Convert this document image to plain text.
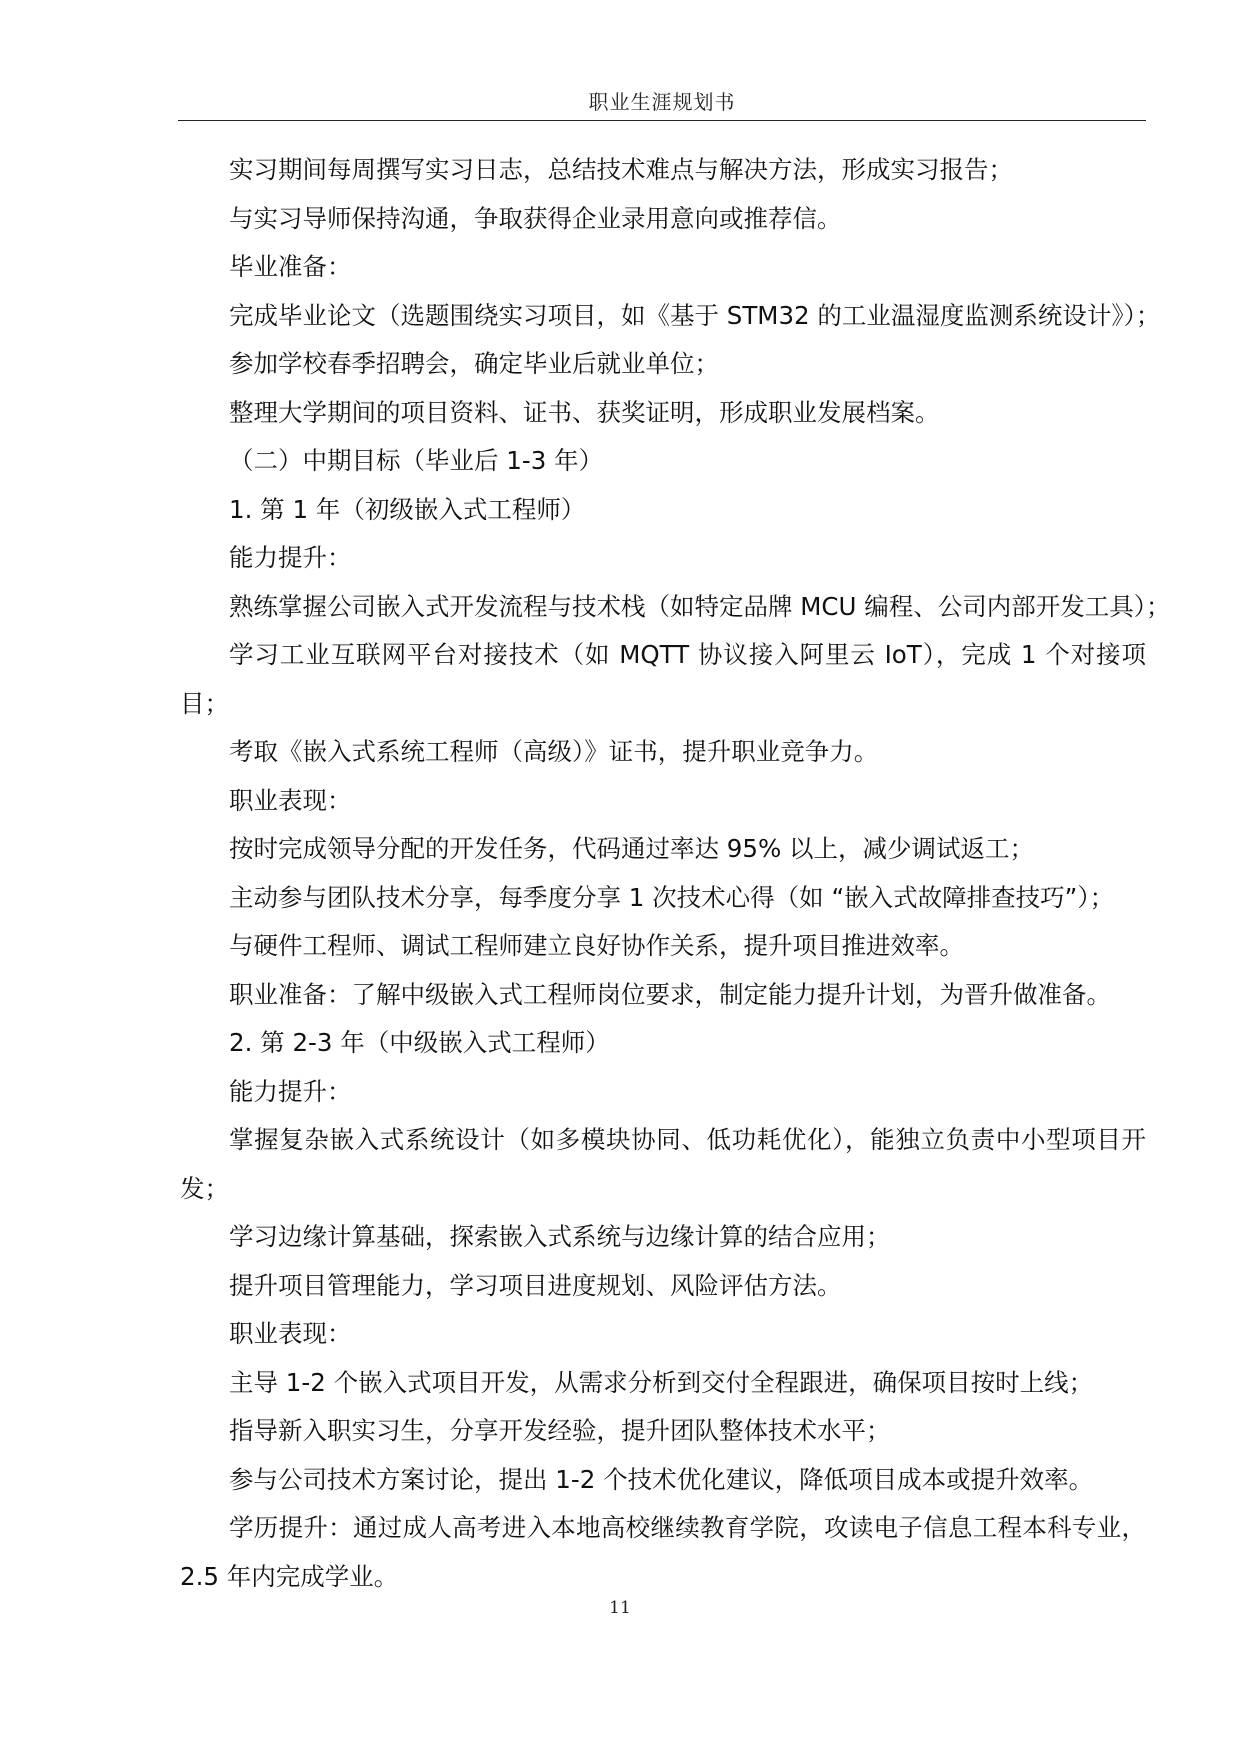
职业生涯规划书
实习期间每周撰写实习日志，总结技术难点与解决方法，形成实习报告；
与实习导师保持沟通，争取获得企业录用意向或推荐信。
毕业准备：
完成毕业论文（选题围绕实习项目，如《基于 STM32 的工业温湿度监测系统设计》）；
参加学校春季招聘会，确定毕业后就业单位；
整理大学期间的项目资料、证书、获奖证明，形成职业发展档案。
（二）中期目标（毕业后 1-3 年）
1. 第 1 年（初级嵌入式工程师）
能力提升：
熟练掌握公司嵌入式开发流程与技术栈（如特定品牌 MCU 编程、公司内部开发工具）；
学习工业互联网平台对接技术（如 MQTT 协议接入阿里云 IoT），完成 1 个对接项
目；
考取《嵌入式系统工程师（高级）》证书，提升职业竞争力。
职业表现：
按时完成领导分配的开发任务，代码通过率达 95% 以上，减少调试返工；
主动参与团队技术分享，每季度分享 1 次技术心得（如 “嵌入式故障排查技巧”）；
与硬件工程师、调试工程师建立良好协作关系，提升项目推进效率。
职业准备：了解中级嵌入式工程师岗位要求，制定能力提升计划，为晋升做准备。
2. 第 2-3 年（中级嵌入式工程师）
能力提升：
掌握复杂嵌入式系统设计（如多模块协同、低功耗优化），能独立负责中小型项目开
发；
学习边缘计算基础，探索嵌入式系统与边缘计算的结合应用；
提升项目管理能力，学习项目进度规划、风险评估方法。
职业表现：
主导 1-2 个嵌入式项目开发，从需求分析到交付全程跟进，确保项目按时上线；
指导新入职实习生，分享开发经验，提升团队整体技术水平；
参与公司技术方案讨论，提出 1-2 个技术优化建议，降低项目成本或提升效率。
学历提升：通过成人高考进入本地高校继续教育学院，攻读电子信息工程本科专业，
2.5 年内完成学业。
11
